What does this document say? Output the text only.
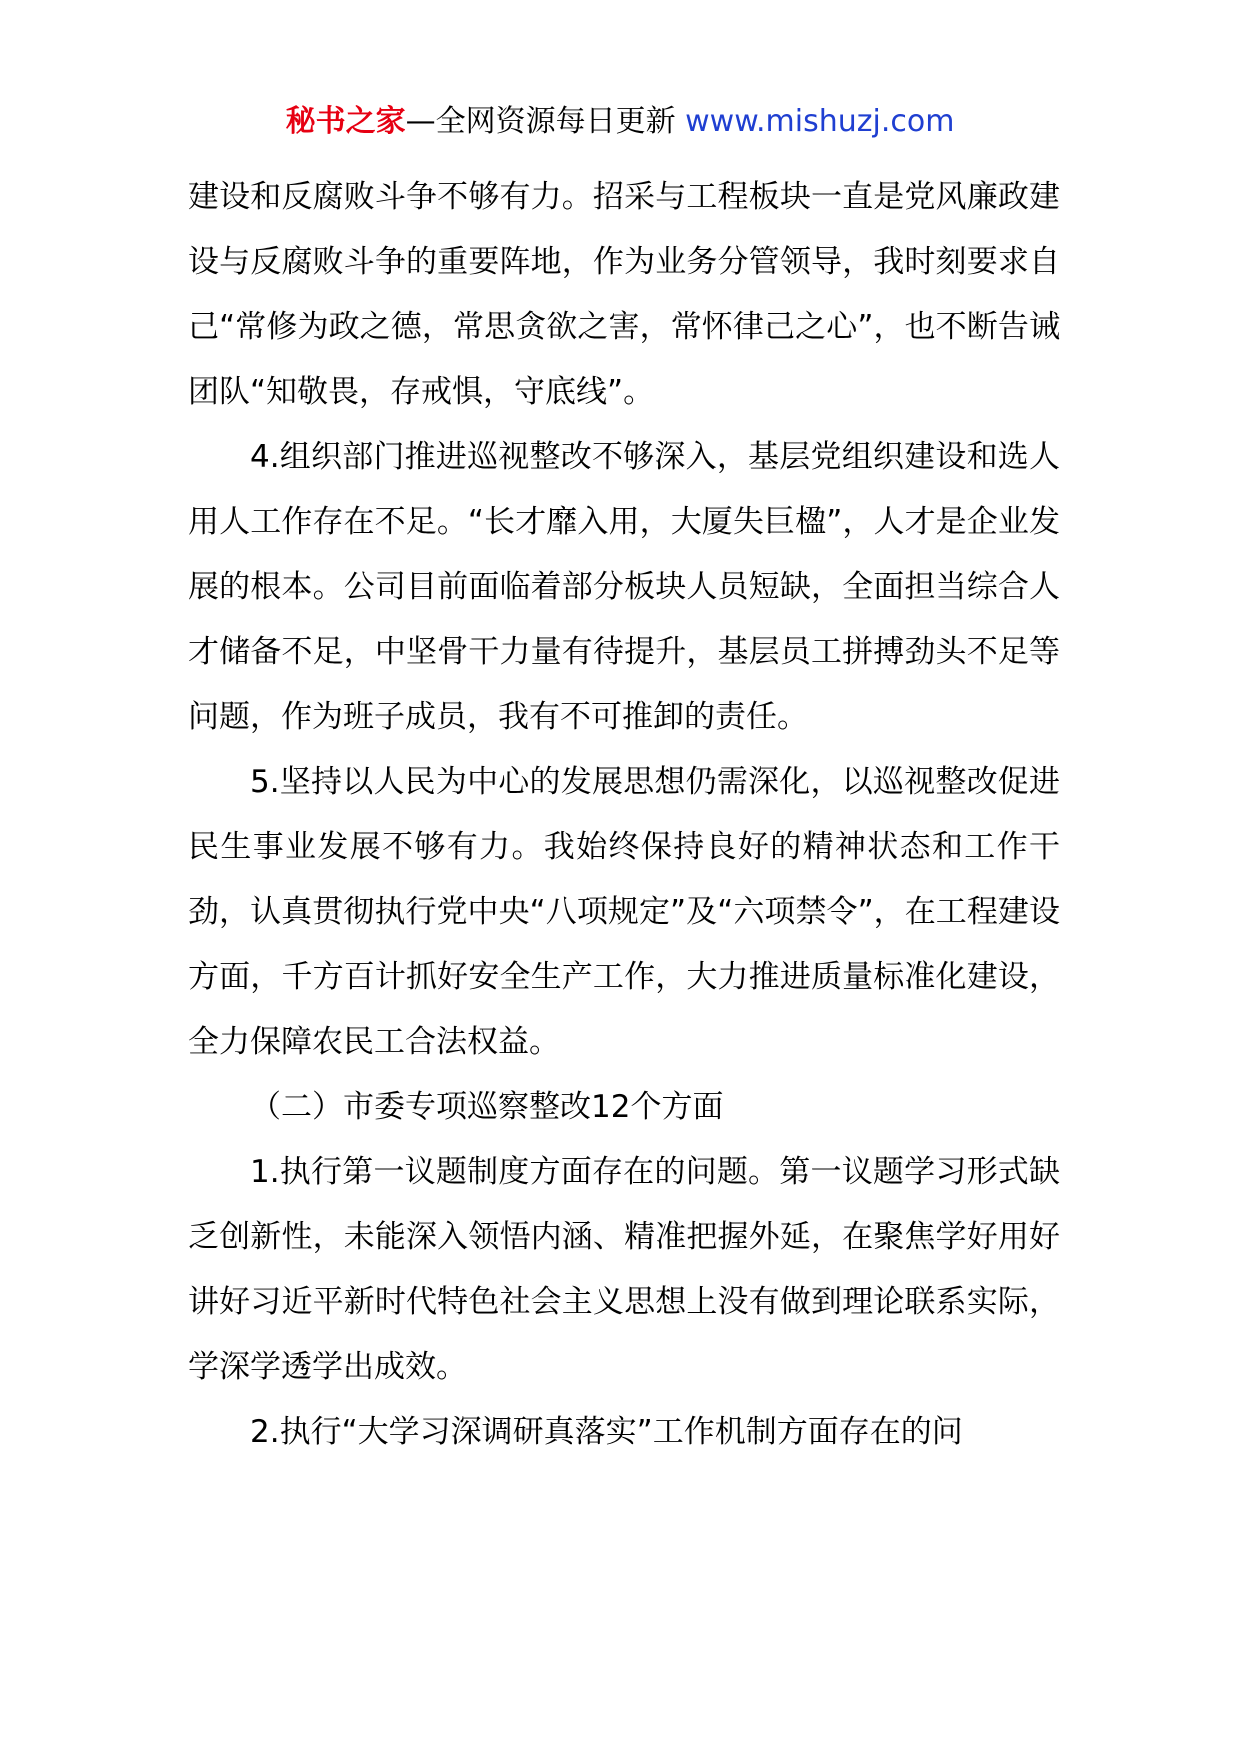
秘书之家—全网资源每日更新 www.mishuzj.com

建设和反腐败斗争不够有力。招采与工程板块一直是党风廉政建设与反腐败斗争的重要阵地，作为业务分管领导，我时刻要求自己“常修为政之德，常思贪欲之害，常怀律己之心”，也不断告诫团队“知敬畏，存戒惧，守底线”。

4.组织部门推进巡视整改不够深入，基层党组织建设和选人用人工作存在不足。“长才靡入用，大厦失巨楹”，人才是企业发展的根本。公司目前面临着部分板块人员短缺，全面担当综合人才储备不足，中坚骨干力量有待提升，基层员工拼搏劲头不足等问题，作为班子成员，我有不可推卸的责任。

5.坚持以人民为中心的发展思想仍需深化，以巡视整改促进民生事业发展不够有力。我始终保持良好的精神状态和工作干劲，认真贯彻执行党中央“八项规定”及“六项禁令”，在工程建设方面，千方百计抓好安全生产工作，大力推进质量标准化建设，全力保障农民工合法权益。

（二）市委专项巡察整改12个方面

1.执行第一议题制度方面存在的问题。第一议题学习形式缺乏创新性，未能深入领悟内涵、精准把握外延，在聚焦学好用好讲好习近平新时代特色社会主义思想上没有做到理论联系实际，学深学透学出成效。

2.执行“大学习深调研真落实”工作机制方面存在的问
